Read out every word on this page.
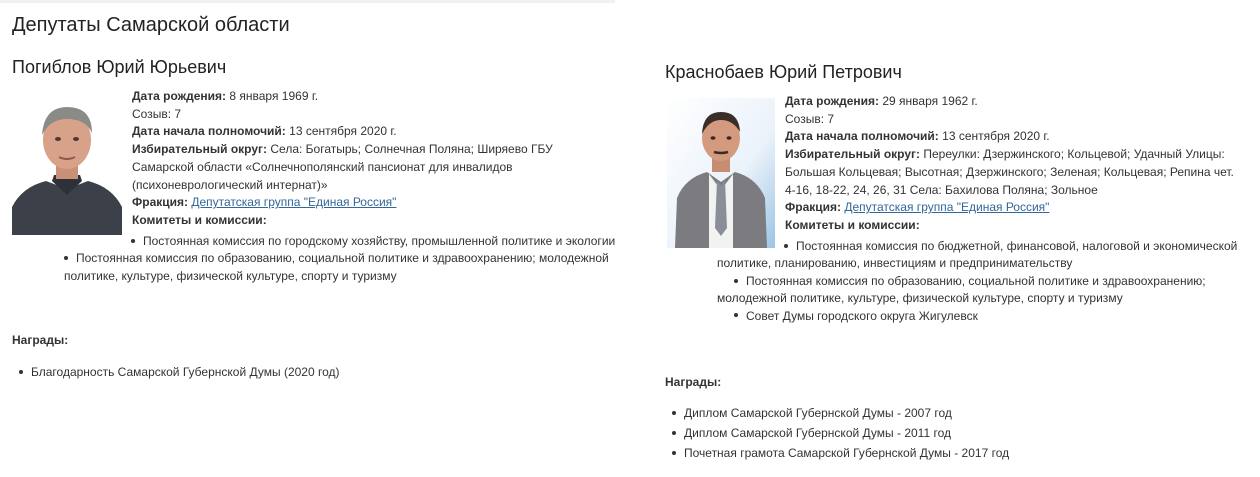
Депутаты Самарской области
Погиблов Юрий Юрьевич

Дата рождения: 8 января 1969 г.

Созыв: 7

Дата начала полномочий: 13 сентября 2020 г.

Избирательный округ: Села: Богатырь; Солнечная Поляна; Ширяево ГБУ Самарской области «Солнечнополянский пансионат для инвалидов (психоневрологический интернат)»

Фракция: Депутатская группа "Единая Россия"

Комитеты и комиссии:

Постоянная комиссия по городскому хозяйству, промышленной политике и экологии
Постоянная комиссия по образованию, социальной политике и здравоохранению; молодежной политике, культуре, физической культуре, спорту и туризму
Награды:
Благодарность Самарской Губернской Думы (2020 год)
Краснобаев Юрий Петрович

Дата рождения: 29 января 1962 г.

Созыв: 7

Дата начала полномочий: 13 сентября 2020 г.

Избирательный округ: Переулки: Дзержинского; Кольцевой; Удачный Улицы: Большая Кольцевая; Высотная; Дзержинского; Зеленая; Кольцевая; Репина чет. 4-16, 18-22, 24, 26, 31 Села: Бахилова Поляна; Зольное

Фракция: Депутатская группа "Единая Россия"

Комитеты и комиссии:

Постоянная комиссия по бюджетной, финансовой, налоговой и экономической политике, планированию, инвестициям и предпринимательству
Постоянная комиссия по образованию, социальной политике и здравоохранению; молодежной политике, культуре, физической культуре, спорту и туризму
Совет Думы городского округа Жигулевск
Награды:
Диплом Самарской Губернской Думы - 2007 год
Диплом Самарской Губернской Думы - 2011 год
Почетная грамота Самарской Губернской Думы - 2017 год
